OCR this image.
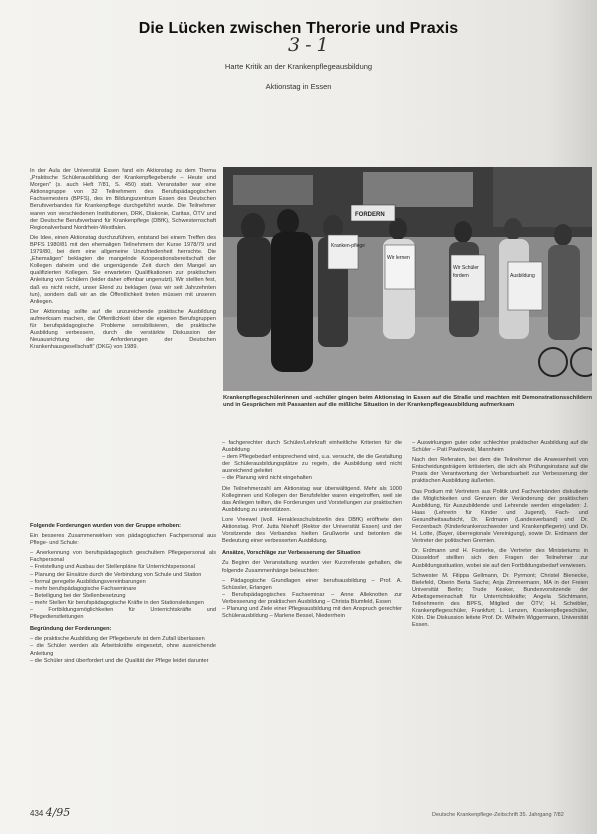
Die Lücken zwischen Therorie und Praxis
3-1
Harte Kritik an der Krankenpflegeausbildung
Aktionstag in Essen

In der Aula der Universität Essen fand ein Aktionstag zu dem Thema „Praktische Schülerausbildung der Krankenpflegeberufe – Heute und Morgen" (s. auch Heft 7/81, S. 450) statt. Veranstalter war eine Aktionsgruppe von 32 Teilnehmern des Berufspädagogischen Fachsemesters (BPFS), des im Bildungszentrum Essen des Deutschen Berufsverbandes für Krankenpflege durchgeführt wurde. Die Teilnehmer waren von verschiedenen Institutionen, DRK, Diakonie, Caritas, ÖTV und der Deutsche Berufsverband für Krankenpflege (DBfK), Schwesternschaft Regionalverband Nordrhein-Westfalen.

Die Idee, einen Aktionstag durchzuführen, entstand bei einem Treffen des BPFS 1980/81 mit den ehemaligen Teilnehmern der Kurse 1978/79 und 1979/80, bei dem eine allgemeine Unzufriedenheit herrschte. Die „Ehemaligen" beklagten die mangelnde Kooperationsbereitschaft der Kollegen daheim und die ungenügende Zeit durch den Mangel an qualifizierten Kollegen. Sie erwarteten Qualifikationen zur praktischen Anleitung von Schülern (leider daher offenbar ungenutzt). Wir stellten fest, daß es nicht reicht, unser Elend zu beklagen (was wir seit Jahrzehnten tun), sondern daß wir an die Öffentlichkeit treten müssen mit unseren Anliegen.

Der Aktionstag sollte auf die unzureichende praktische Ausbildung aufmerksam machen, die Öffentlichkeit über die eigenen Berufsgruppen für berufspädagogische Probleme sensibilisieren, die praktische Ausbildung verbessern, durch die verstärkte Diskussion der Neuausrichtung der Anforderungen der Deutschen Krankenhausgesellschaft" (DKG) von 1989.

Kranken-pflege
Wir lernen
Wir Schüler
fordern	Ausbildung
FORDERN
Krankenpflegeschülerinnen und -schüler gingen beim Aktionstag in Essen auf die Straße und machten mit Demonstrationsschildern und in Gesprächen mit Passanten auf die mißliche Situation in der Krankenpflegeausbildung aufmerksam

Folgende Forderungen wurden von der Gruppe erhoben:

Ein besseres Zusammenwirken von pädagogischen Fachpersonal aus Pflege- und Schule:

– Anerkennung von berufspädagogisch geschultem Pflegepersonal als Fachpersonal
– Freistellung und Ausbau der Stellenpläne für Unterrichtspersonal
– Planung der Einsätze durch die Verbindung von Schule und Station
– formal geregelte Ausbildungsvereinbarungen
– mehr berufspädagogische Fachseminare
– Beteiligung bei der Stellenbesetzung
– mehr Stellen für berufspädagogische Kräfte in den Stationsleitungen
– Fortbildungsmöglichkeiten für Unterrichtskräfte und Pflegedienstleitungen

Begründung der Forderungen:

– die praktische Ausbildung der Pflegeberufe ist dem Zufall überlassen
– die Schüler werden als Arbeitskräfte eingesetzt, ohne ausreichende Anleitung
– die Schüler sind überfordert und die Qualität der Pflege leidet darunter
– fachgerechter durch Schüler/Lehrkraft einheitliche Kriterien für die Ausbildung
– dem Pflegebedarf entsprechend wird, u.a. versucht, die die Gestaltung der Schülerausbildungsplätze zu regeln, die Ausbildung wird nicht ausreichend geleitet
– die Planung wird nicht eingehalten

Die Teilnehmerzahl am Aktionstag war überwältigend. Mehr als 1000 Kolleginnen und Kollegen der Berufsfelder waren eingetroffen, weil sie das Anliegen teilten, die Forderungen und Vorstellungen zur praktischen Ausbildung zu unterstützen.

Lore Vreewel (ivoll. Heraklesschulsitzerlin des DBfK) eröffnete den Aktionstag. Prof. Jutta Niehoff (Rektor der Universität Essen) und der Vorsitzende des Verbandes hielten Grußworte und betonten die Bedeutung einer verbesserten Ausbildung.

Ansätze, Vorschläge zur Verbesserung der Situation

Zu Beginn der Veranstaltung wurden vier Kurzreferate gehalten, die folgende Zusammenhänge beleuchten:

– Pädagogische Grundlagen einer berufsausbildung – Prof. A. Schüssler, Erlangen
– Berufspädagogisches Fachseminar – Anne Alleknotten zur Verbesserung der praktischen Ausbildung – Christa Blumfeld, Essen
– Planung und Ziele einer Pflegeausbildung mit den Anspruch gerechter Schülerausbildung – Marlene Bessel, Niederrhein
– Auswirkungen guter oder schlechter praktischer Ausbildung auf die Schüler – Pati Pawlowski, Mannheim

Nach den Referaten, bei dem die Teilnehmer die Anwesenheit von Entscheidungsträgern kritisierten, die sich als Prüfungsinstanz auf die Praxis der Verantwortung der Verbandsarbeit zur Verbesserung der praktischen Ausbildung äußerten.

Das Podium mit Vertretern aus Politik und Fachverbänden diskutierte die Möglichkeiten und Grenzen der Veränderung der praktischen Ausbildung, für Auszubildende und Lehrende werden eingeladen: J. Haas (Lehrerin für Kinder und Jugend), Fach- und Gesundheitsaufsicht, Dr. Erdmann (Landesverband) und Dr. Ferzenbach (Kinderkrankenschwester und Krankenpflegerin) und Dr. H. Lotte, (Bayer, überregionale Vereinigung), sowie Dr. Erdmann der Vertreter der politischen Gremien.

Dr. Erdmann und H. Fosterke, die Vertreter des Ministeriums in Düsseldorf stellten sich den Fragen der Teilnehmer zur Ausbildungssituation, wobei sie auf den Fortbildungsbedarf verwiesen.

Schwester M. Filippa Gellmann, Dr. Pyrmont; Christel Bienecke, Bielefeld, Oberin Berta Sachs; Anja Zimmermann, MA in der Freien Universität Berlin; Trude Kesker, Bundesvorsitzende der Arbeitsgemeinschaft für Unterrichtskräfte; Angela Söchtmann, Teilnehmerin des BPFS, Mitglied der ÖTV; H. Scheibler, Krankenpflegeschüler, Frankfurt; L. Lenzen, Krankenpflegeschüler, Köln. Die Diskussion leitete Prof. Dr. Wilhelm Wiggermann, Universität Essen.

434 4/95	Deutsche Krankenpflege-Zeitschrift 35. Jahrgang 7/82
